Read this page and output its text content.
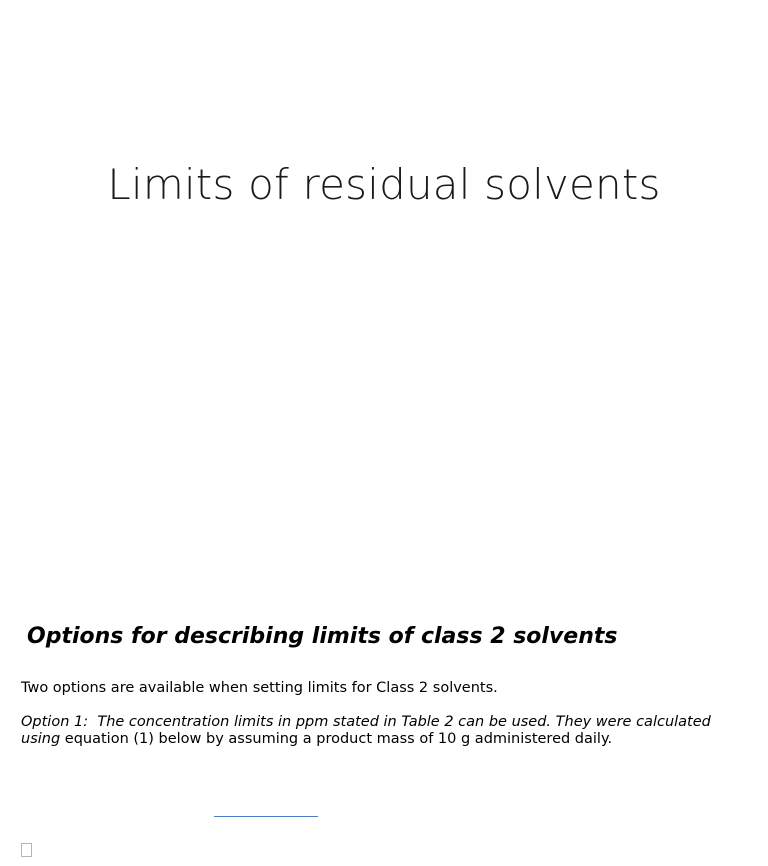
Limits of residual solvents
Options for describing limits of class 2 solvents
Two options are available when setting limits for Class 2 solvents.
Option 1: The concentration limits in ppm stated in Table 2 can be used. They were calculated using equation (1) below by assuming a product mass of 10 g administered daily.
